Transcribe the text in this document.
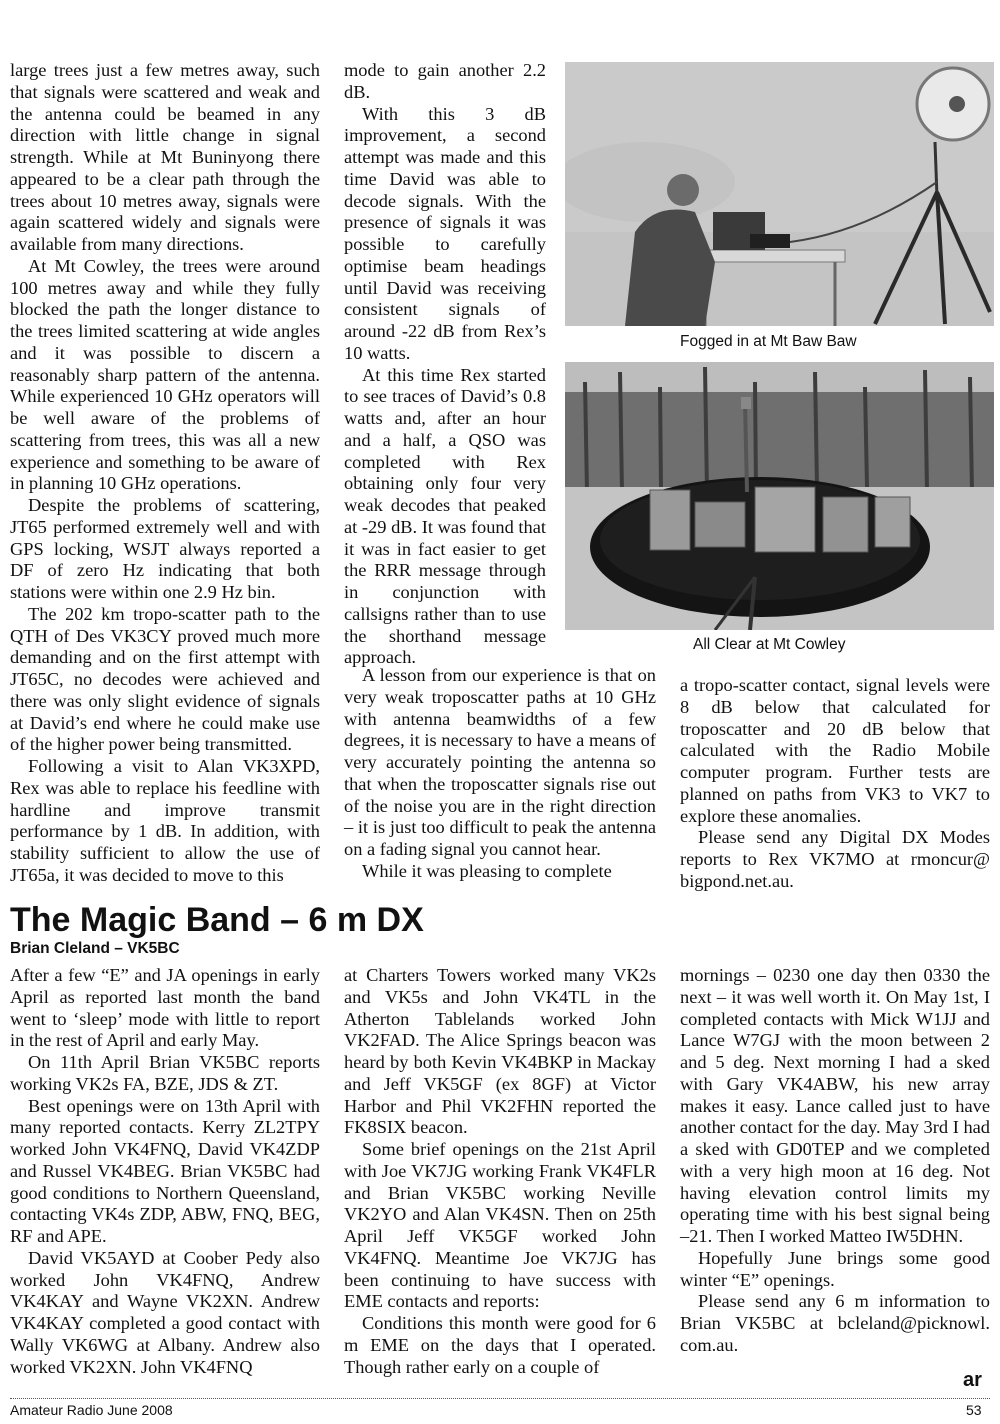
large trees just a few metres away, such that signals were scattered and weak and the antenna could be beamed in any direction with little change in signal strength. While at Mt Buninyong there appeared to be a clear path through the trees about 10 metres away, signals were again scattered widely and signals were available from many directions.

At Mt Cowley, the trees were around 100 metres away and while they fully blocked the path the longer distance to the trees limited scattering at wide angles and it was possible to discern a reasonably sharp pattern of the antenna. While experienced 10 GHz operators will be well aware of the problems of scattering from trees, this was all a new experience and something to be aware of in planning 10 GHz operations.

Despite the problems of scattering, JT65 performed extremely well and with GPS locking, WSJT always reported a DF of zero Hz indicating that both stations were within one 2.9 Hz bin.

The 202 km tropo-scatter path to the QTH of Des VK3CY proved much more demanding and on the first attempt with JT65C, no decodes were achieved and there was only slight evidence of signals at David’s end where he could make use of the higher power being transmitted.

Following a visit to Alan VK3XPD, Rex was able to replace his feedline with hardline and improve transmit performance by 1 dB. In addition, with stability sufficient to allow the use of JT65a, it was decided to move to this

mode to gain another 2.2 dB.

With this 3 dB improvement, a second attempt was made and this time David was able to decode signals. With the presence of signals it was possible to carefully optimise beam headings until David was receiving consistent signals of around -22 dB from Rex’s 10 watts.

At this time Rex started to see traces of David’s 0.8 watts and, after an hour and a half, a QSO was completed with Rex obtaining only four very weak decodes that peaked at -29 dB. It was found that it was in fact easier to get the RRR message through in conjunction with callsigns rather than to use the shorthand message approach.

Fogged in at Mt Baw Baw
All Clear at Mt Cowley

A lesson from our experience is that on very weak troposcatter paths at 10 GHz with antenna beamwidths of a few degrees, it is necessary to have a means of very accurately pointing the antenna so that when the troposcatter signals rise out of the noise you are in the right direction – it is just too difficult to peak the antenna on a fading signal you cannot hear.

While it was pleasing to complete

a tropo-scatter contact, signal levels were 8 dB below that calculated for troposcatter and 20 dB below that calculated with the Radio Mobile computer program. Further tests are planned on paths from VK3 to VK7 to explore these anomalies.

Please send any Digital DX Modes reports to Rex VK7MO at rmoncur@ bigpond.net.au.

The Magic Band – 6 m DX
Brian Cleland – VK5BC

After a few “E” and JA openings in early April as reported last month the band went to ‘sleep’ mode with little to report in the rest of April and early May.

On 11th April Brian VK5BC reports working VK2s FA, BZE, JDS & ZT.

Best openings were on 13th April with many reported contacts. Kerry ZL2TPY worked John VK4FNQ, David VK4ZDP and Russel VK4BEG. Brian VK5BC had good conditions to Northern Queensland, contacting VK4s ZDP, ABW, FNQ, BEG, RF and APE.

David VK5AYD at Coober Pedy also worked John VK4FNQ, Andrew VK4KAY and Wayne VK2XN. Andrew VK4KAY completed a good contact with Wally VK6WG at Albany. Andrew also worked VK2XN. John VK4FNQ

at Charters Towers worked many VK2s and VK5s and John VK4TL in the Atherton Tablelands worked John VK2FAD. The Alice Springs beacon was heard by both Kevin VK4BKP in Mackay and Jeff VK5GF (ex 8GF) at Victor Harbor and Phil VK2FHN reported the FK8SIX beacon.

Some brief openings on the 21st April with Joe VK7JG working Frank VK4FLR and Brian VK5BC working Neville VK2YO and Alan VK4SN. Then on 25th April Jeff VK5GF worked John VK4FNQ. Meantime Joe VK7JG has been continuing to have success with EME contacts and reports:

Conditions this month were good for 6 m EME on the days that I operated. Though rather early on a couple of

mornings – 0230 one day then 0330 the next – it was well worth it. On May 1st, I completed contacts with Mick W1JJ and Lance W7GJ with the moon between 2 and 5 deg. Next morning I had a sked with Gary VK4ABW, his new array makes it easy. Lance called just to have another contact for the day. May 3rd I had a sked with GD0TEP and we completed with a very high moon at 16 deg. Not having elevation control limits my operating time with his best signal being –21. Then I worked Matteo IW5DHN.

Hopefully June brings some good winter “E” openings.

Please send any 6 m information to Brian VK5BC at bcleland@picknowl. com.au.

ar
Amateur Radio June 2008	53
